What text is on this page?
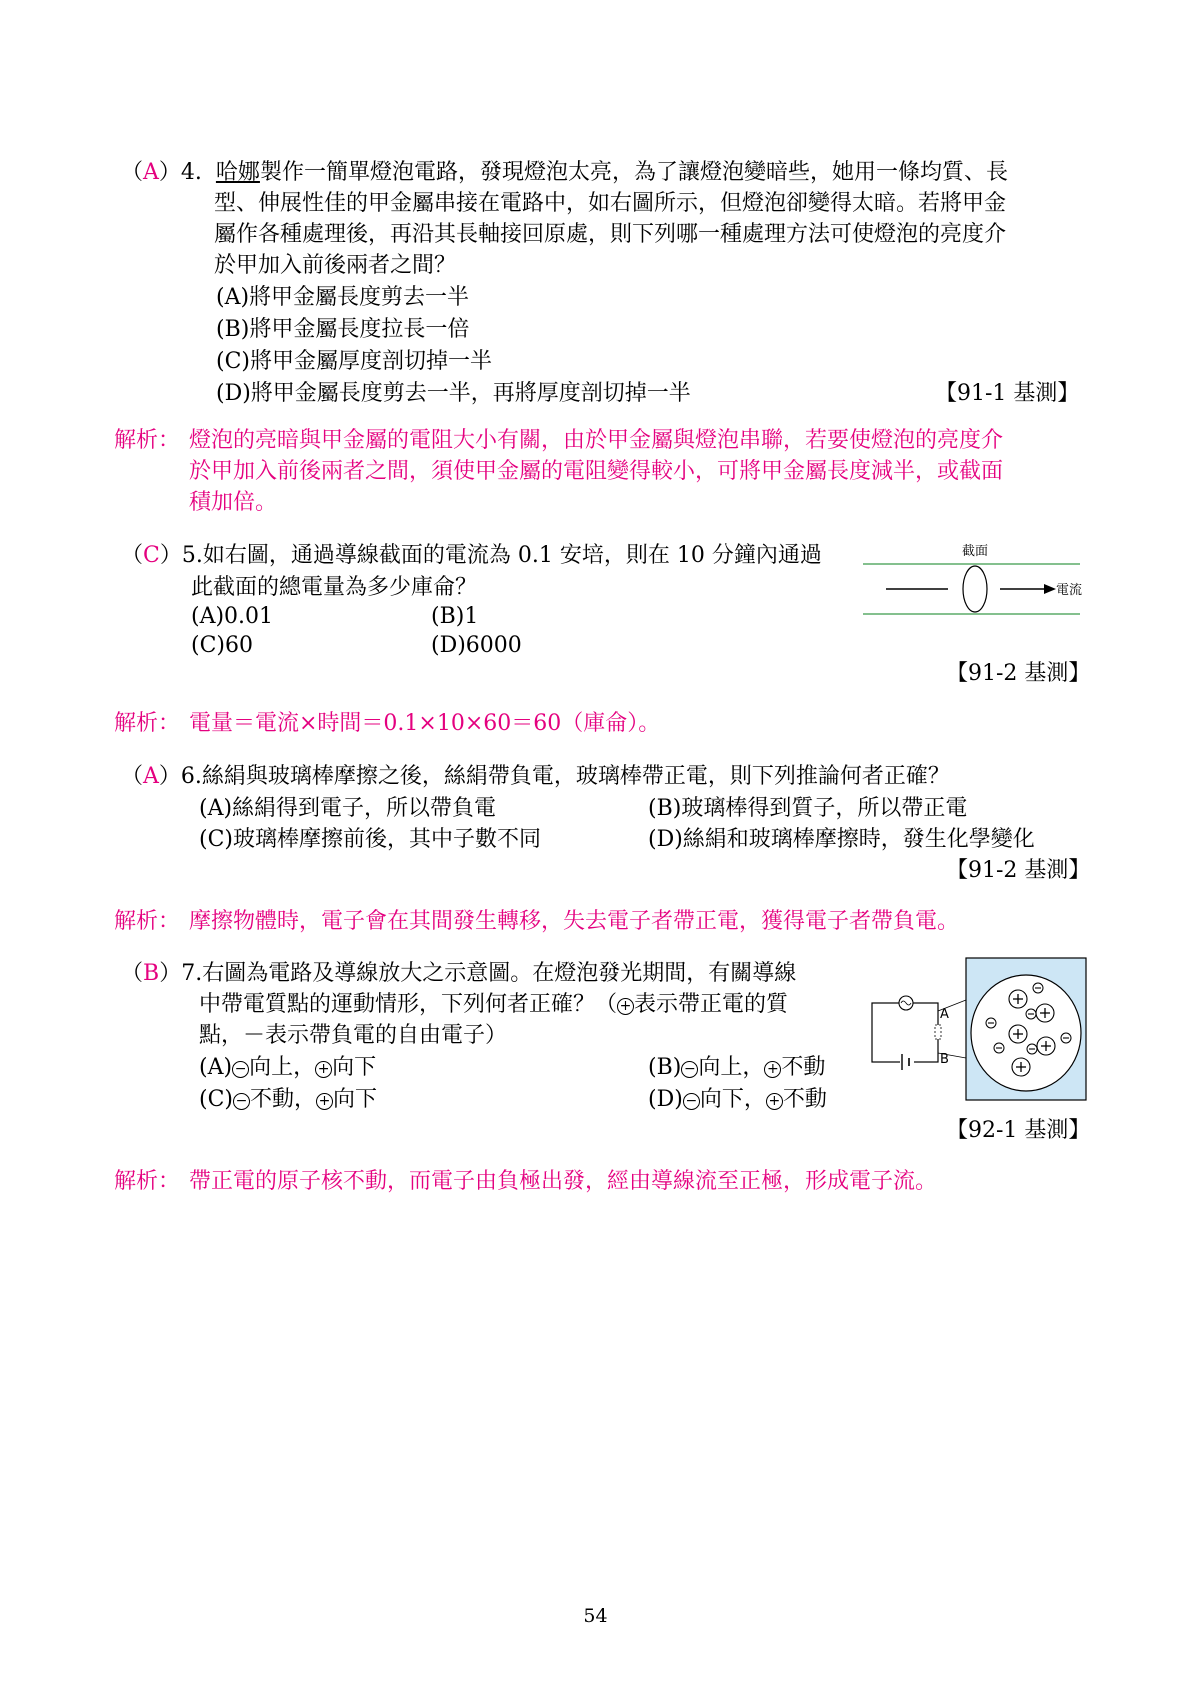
（A）4. 哈娜製作一簡單燈泡電路，發現燈泡太亮，為了讓燈泡變暗些，她用一條均質、長
型、伸展性佳的甲金屬串接在電路中，如右圖所示，但燈泡卻變得太暗。若將甲金
屬作各種處理後，再沿其長軸接回原處，則下列哪一種處理方法可使燈泡的亮度介
於甲加入前後兩者之間？
(A)將甲金屬長度剪去一半
(B)將甲金屬長度拉長一倍
(C)將甲金屬厚度剖切掉一半
(D)將甲金屬長度剪去一半，再將厚度剖切掉一半	【91-1 基測】
解析： 燈泡的亮暗與甲金屬的電阻大小有關，由於甲金屬與燈泡串聯，若要使燈泡的亮度介
於甲加入前後兩者之間，須使甲金屬的電阻變得較小，可將甲金屬長度減半，或截面
積加倍。
（C）5.如右圖，通過導線截面的電流為 0.1 安培，則在 10 分鐘內通過
此截面的總電量為多少庫侖？
(A)0.01	(B)1
(C)60	(D)6000
【91-2 基測】
截面
電流
解析： 電量＝電流×時間＝0.1×10×60＝60（庫侖）。
（A）6.絲絹與玻璃棒摩擦之後，絲絹帶負電，玻璃棒帶正電，則下列推論何者正確？
(A)絲絹得到電子，所以帶負電	(B)玻璃棒得到質子，所以帶正電
(C)玻璃棒摩擦前後，其中子數不同	(D)絲絹和玻璃棒摩擦時，發生化學變化
【91-2 基測】
解析： 摩擦物體時，電子會在其間發生轉移，失去電子者帶正電，獲得電子者帶負電。
（B）7.右圖為電路及導線放大之示意圖。在燈泡發光期間，有關導線
中帶電質點的運動情形，下列何者正確？（ + 表示帶正電的質
點，－表示帶負電的自由電子）
(A) − 向上， + 向下	(B) − 向上， + 不動
(C) − 不動， + 向下	(D) − 向下， + 不動
【92-1 基測】
A
B
解析： 帶正電的原子核不動，而電子由負極出發，經由導線流至正極，形成電子流。
54
